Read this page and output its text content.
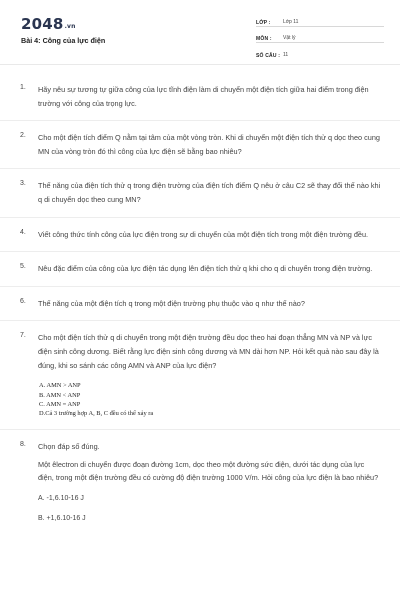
2048.vn
Bài 4: Công của lực điện
LỚP :	Lớp 11
MÔN :	Vật lý
SỐ CÂU : 11
1.	Hãy nêu sự tương tự giữa công của lực tĩnh điện làm di chuyển một điện tích giữa hai điểm trong điện trường với công của trọng lực.
2.	Cho một điện tích điểm Q nằm tại tâm của một vòng tròn. Khi di chuyển một điện tích thử q dọc theo cung MN của vòng tròn đó thì công của lực điện sẽ bằng bao nhiêu?
3.	Thế năng của điện tích thử q trong điện trường của điện tích điểm Q nêu ở câu C2 sẽ thay đổi thế nào khi q di chuyển dọc theo cung MN?
4.	Viết công thức tính công của lực điện trong sự di chuyển của một điện tích trong một điện trường đều.
5.	Nêu đặc điểm của công của lực điện tác dụng lên điện tích thử q khi cho q di chuyển trong điện trường.
6.	Thế năng của một điện tích q trong một điện trường phụ thuộc vào q như thế nào?
7.	Cho một điện tích thử q di chuyển trong một điện trường đều dọc theo hai đoạn thẳng MN và NP và lực điện sinh công dương. Biết rằng lực điện sinh công dương và MN dài hơn NP. Hỏi kết quả nào sau đây là đúng, khi so sánh các công AMN và ANP của lực điện?
A. AMN > ANP
B. AMN < ANP
C. AMN = ANP
D.Cả 3 trường hợp A, B, C đều có thể xảy ra
8.	Chọn đáp số đúng.
Một êlectron di chuyển được đoạn đường 1cm, dọc theo một đường sức điện, dưới tác dụng của lực điện, trong một điện trường đều có cường độ điện trường 1000 V/m. Hỏi công của lực điện là bao nhiêu?
A. -1,6.10-16 J
B. +1,6.10-16 J
